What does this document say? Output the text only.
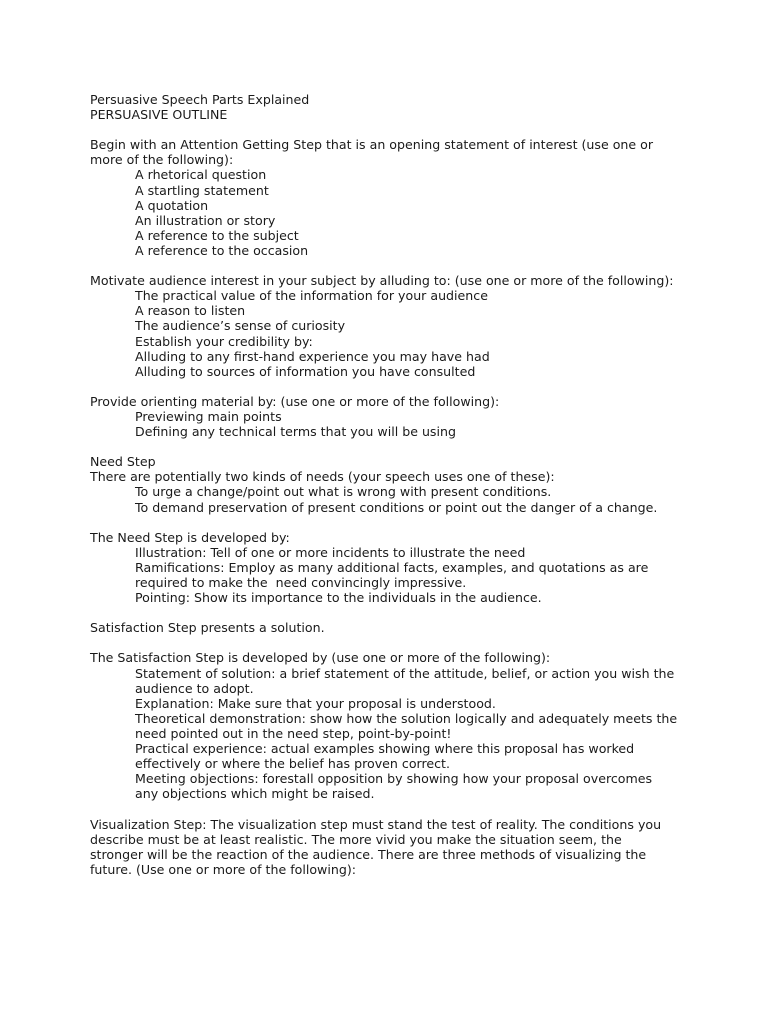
Persuasive Speech Parts Explained
PERSUASIVE OUTLINE
Begin with an Attention Getting Step that is an opening statement of interest (use one or
more of the following):
A rhetorical question
A startling statement
A quotation
An illustration or story
A reference to the subject
A reference to the occasion
Motivate audience interest in your subject by alluding to: (use one or more of the following):
The practical value of the information for your audience
A reason to listen
The audience’s sense of curiosity
Establish your credibility by:
Alluding to any first-hand experience you may have had
Alluding to sources of information you have consulted
Provide orienting material by: (use one or more of the following):
Previewing main points
Defining any technical terms that you will be using
Need Step
There are potentially two kinds of needs (your speech uses one of these):
To urge a change/point out what is wrong with present conditions.
To demand preservation of present conditions or point out the danger of a change.
The Need Step is developed by:
Illustration: Tell of one or more incidents to illustrate the need
Ramifications: Employ as many additional facts, examples, and quotations as are
required to make the  need convincingly impressive.
Pointing: Show its importance to the individuals in the audience.
Satisfaction Step presents a solution.
The Satisfaction Step is developed by (use one or more of the following):
Statement of solution: a brief statement of the attitude, belief, or action you wish the
audience to adopt.
Explanation: Make sure that your proposal is understood.
Theoretical demonstration: show how the solution logically and adequately meets the
need pointed out in the need step, point-by-point!
Practical experience: actual examples showing where this proposal has worked
effectively or where the belief has proven correct.
Meeting objections: forestall opposition by showing how your proposal overcomes
any objections which might be raised.
Visualization Step: The visualization step must stand the test of reality. The conditions you
describe must be at least realistic. The more vivid you make the situation seem, the
stronger will be the reaction of the audience. There are three methods of visualizing the
future. (Use one or more of the following):
